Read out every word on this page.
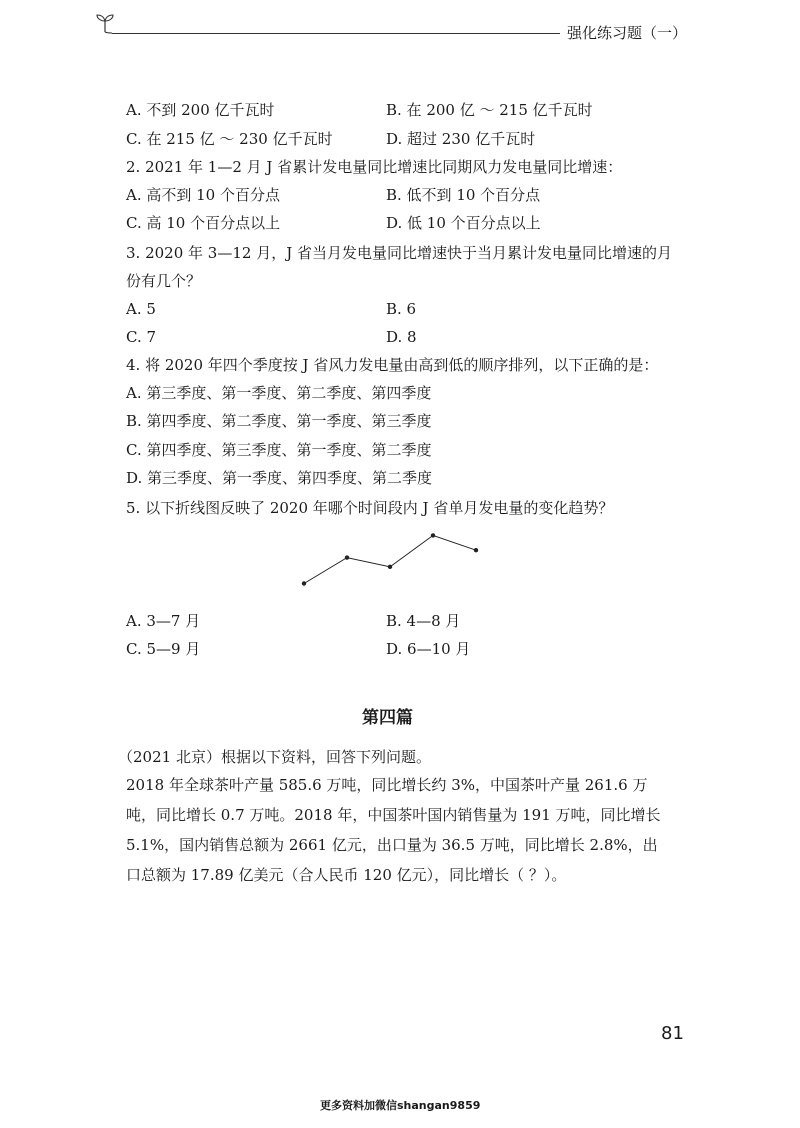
强化练习题（一）
A. 不到 200 亿千瓦时	B. 在 200 亿 ～ 215 亿千瓦时
C. 在 215 亿 ～ 230 亿千瓦时	D. 超过 230 亿千瓦时
2. 2021 年 1—2 月 J 省累计发电量同比增速比同期风力发电量同比增速：
A. 高不到 10 个百分点	B. 低不到 10 个百分点
C. 高 10 个百分点以上	D. 低 10 个百分点以上
3. 2020 年 3—12 月，J 省当月发电量同比增速快于当月累计发电量同比增速的月
份有几个？
A. 5	B. 6
C. 7	D. 8
4. 将 2020 年四个季度按 J 省风力发电量由高到低的顺序排列，以下正确的是：
A. 第三季度、第一季度、第二季度、第四季度
B. 第四季度、第二季度、第一季度、第三季度
C. 第四季度、第三季度、第一季度、第二季度
D. 第三季度、第一季度、第四季度、第二季度
5. 以下折线图反映了 2020 年哪个时间段内 J 省单月发电量的变化趋势？
A. 3—7 月	B. 4—8 月
C. 5—9 月	D. 6—10 月
第四篇
（2021 北京）根据以下资料，回答下列问题。
2018 年全球茶叶产量 585.6 万吨，同比增长约 3%，中国茶叶产量 261.6 万吨，同比增长 0.7 万吨。2018 年，中国茶叶国内销售量为 191 万吨，同比增长 5.1%，国内销售总额为 2661 亿元，出口量为 36.5 万吨，同比增长 2.8%，出口总额为 17.89 亿美元（合人民币 120 亿元），同比增长（ ？）。
81
更多资料加微信shangan9859
